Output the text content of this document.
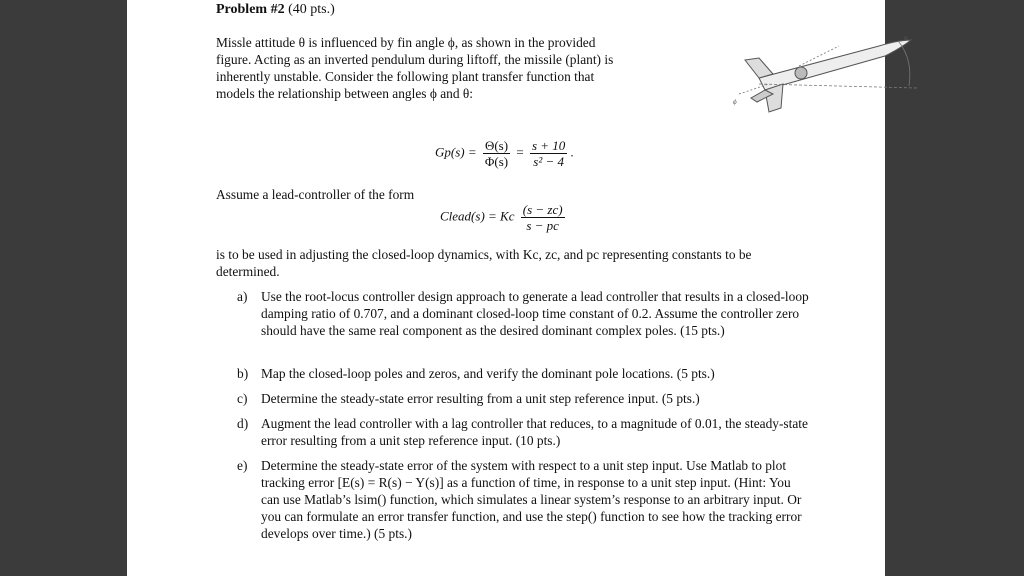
Problem #2 (40 pts.)
Missle attitude θ is influenced by fin angle ϕ, as shown in the provided figure. Acting as an inverted pendulum during liftoff, the missile (plant) is inherently unstable. Consider the following plant transfer function that models the relationship between angles ϕ and θ:
θ
ϕ
$Gp(s) = \frac{\Theta(s)}{\Phi(s)} = \frac{s + 10}{\text{s² − 4}}$ .
Assume a lead-controller of the form
Clead(s) = Kc $\frac{(s - zc)}{s - pc}$
is to be used in adjusting the closed-loop dynamics, with Kc, zc, and pc representing constants to be determined.
a)	Use the root-locus controller design approach to generate a lead controller that results in a closed-loop damping ratio of 0.707, and a dominant closed-loop time constant of 0.2. Assume the controller zero should have the same real component as the desired dominant complex poles. (15 pts.)
b) Map the closed-loop poles and zeros, and verify the dominant pole locations. (5 pts.)
c)	Determine the steady-state error resulting from a unit step reference input. (5 pts.)
d) Augment the lead controller with a lag controller that reduces, to a magnitude of 0.01, the steady-state error resulting from a unit step reference input. (10 pts.)
e)	Determine the steady-state error of the system with respect to a unit step input. Use Matlab to plot tracking error [E(s) = R(s) − Y(s)] as a function of time, in response to a unit step input. (Hint: You can use Matlab’s lsim() function, which simulates a linear system’s response to an arbitrary input. Or you can formulate an error transfer function, and use the step() function to see how the tracking error develops over time.) (5 pts.)
